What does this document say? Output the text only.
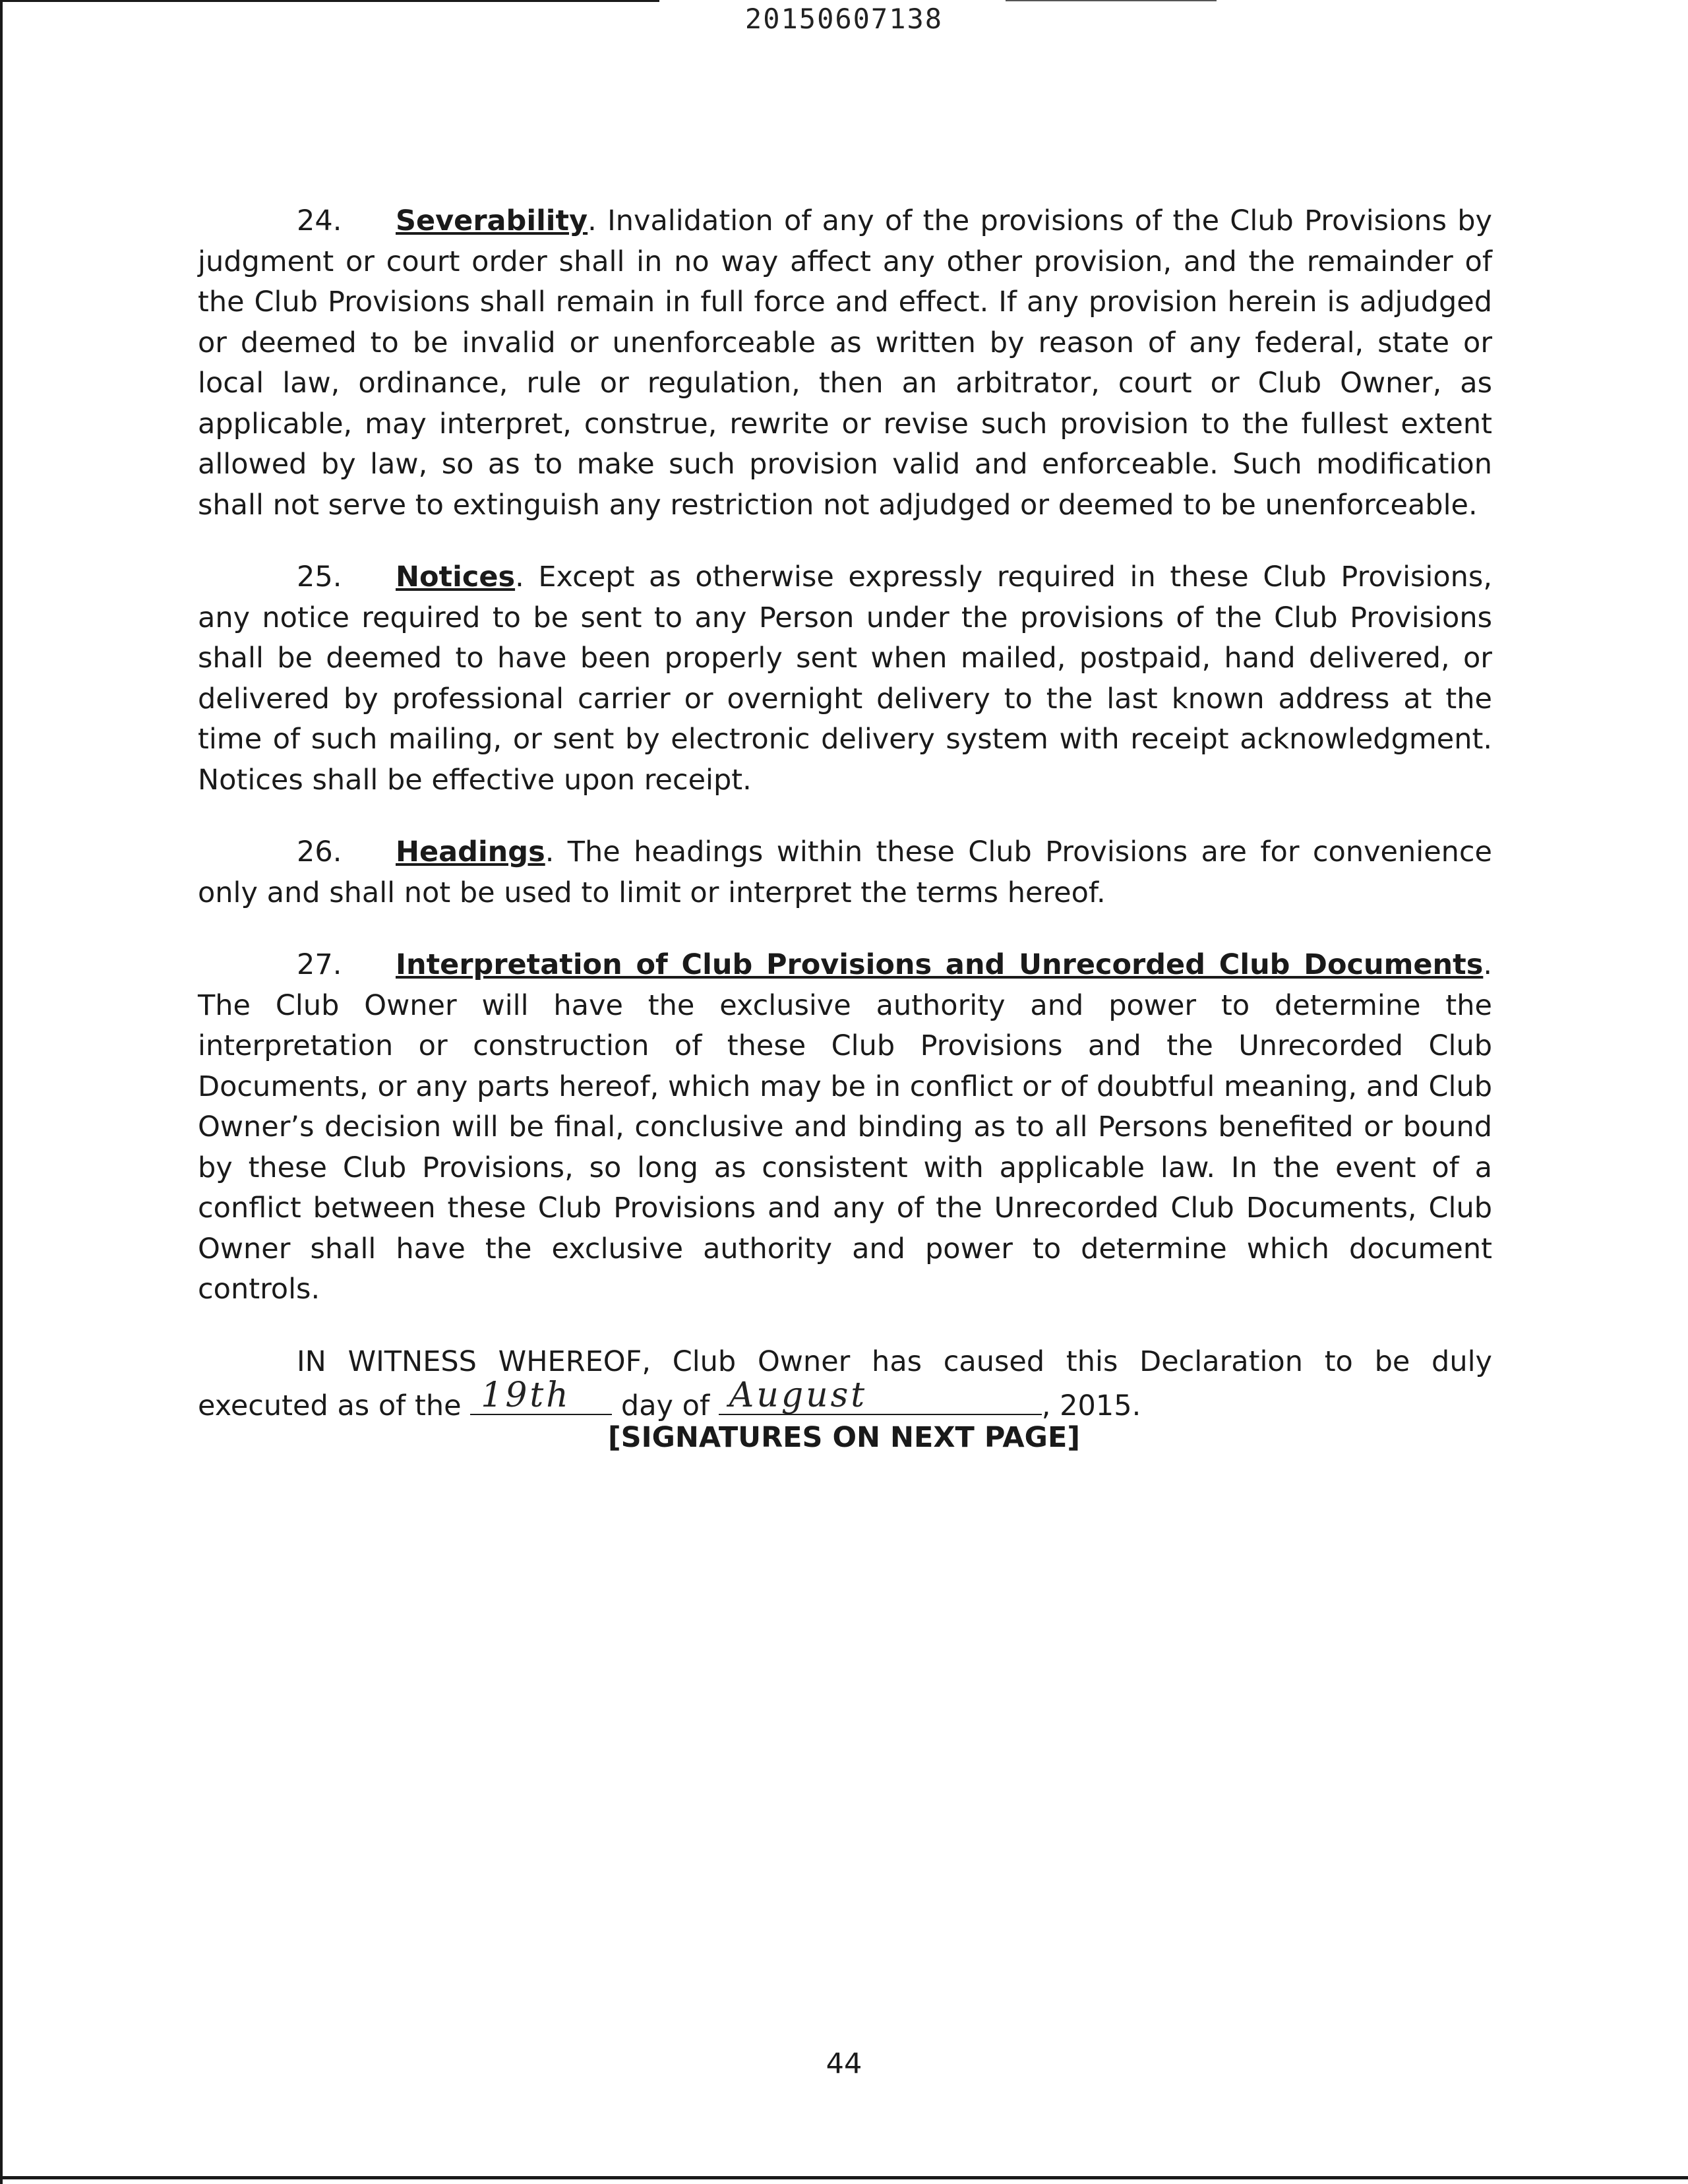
20150607138

24. Severability. Invalidation of any of the provisions of the Club Provisions by judgment or court order shall in no way affect any other provision, and the remainder of the Club Provisions shall remain in full force and effect. If any provision herein is adjudged or deemed to be invalid or unenforceable as written by reason of any federal, state or local law, ordinance, rule or regulation, then an arbitrator, court or Club Owner, as applicable, may interpret, construe, rewrite or revise such provision to the fullest extent allowed by law, so as to make such provision valid and enforceable. Such modification shall not serve to extinguish any restriction not adjudged or deemed to be unenforceable.

25. Notices. Except as otherwise expressly required in these Club Provisions, any notice required to be sent to any Person under the provisions of the Club Provisions shall be deemed to have been properly sent when mailed, postpaid, hand delivered, or delivered by professional carrier or overnight delivery to the last known address at the time of such mailing, or sent by electronic delivery system with receipt acknowledgment. Notices shall be effective upon receipt.

26. Headings. The headings within these Club Provisions are for convenience only and shall not be used to limit or interpret the terms hereof.

27. Interpretation of Club Provisions and Unrecorded Club Documents. The Club Owner will have the exclusive authority and power to determine the interpretation or construction of these Club Provisions and the Unrecorded Club Documents, or any parts hereof, which may be in conflict or of doubtful meaning, and Club Owner’s decision will be final, conclusive and binding as to all Persons benefited or bound by these Club Provisions, so long as consistent with applicable law. In the event of a conflict between these Club Provisions and any of the Unrecorded Club Documents, Club Owner shall have the exclusive authority and power to determine which document controls.

IN WITNESS WHEREOF, Club Owner has caused this Declaration to be duly executed as of the 19th day of August	, 2015.

[SIGNATURES ON NEXT PAGE]
44
